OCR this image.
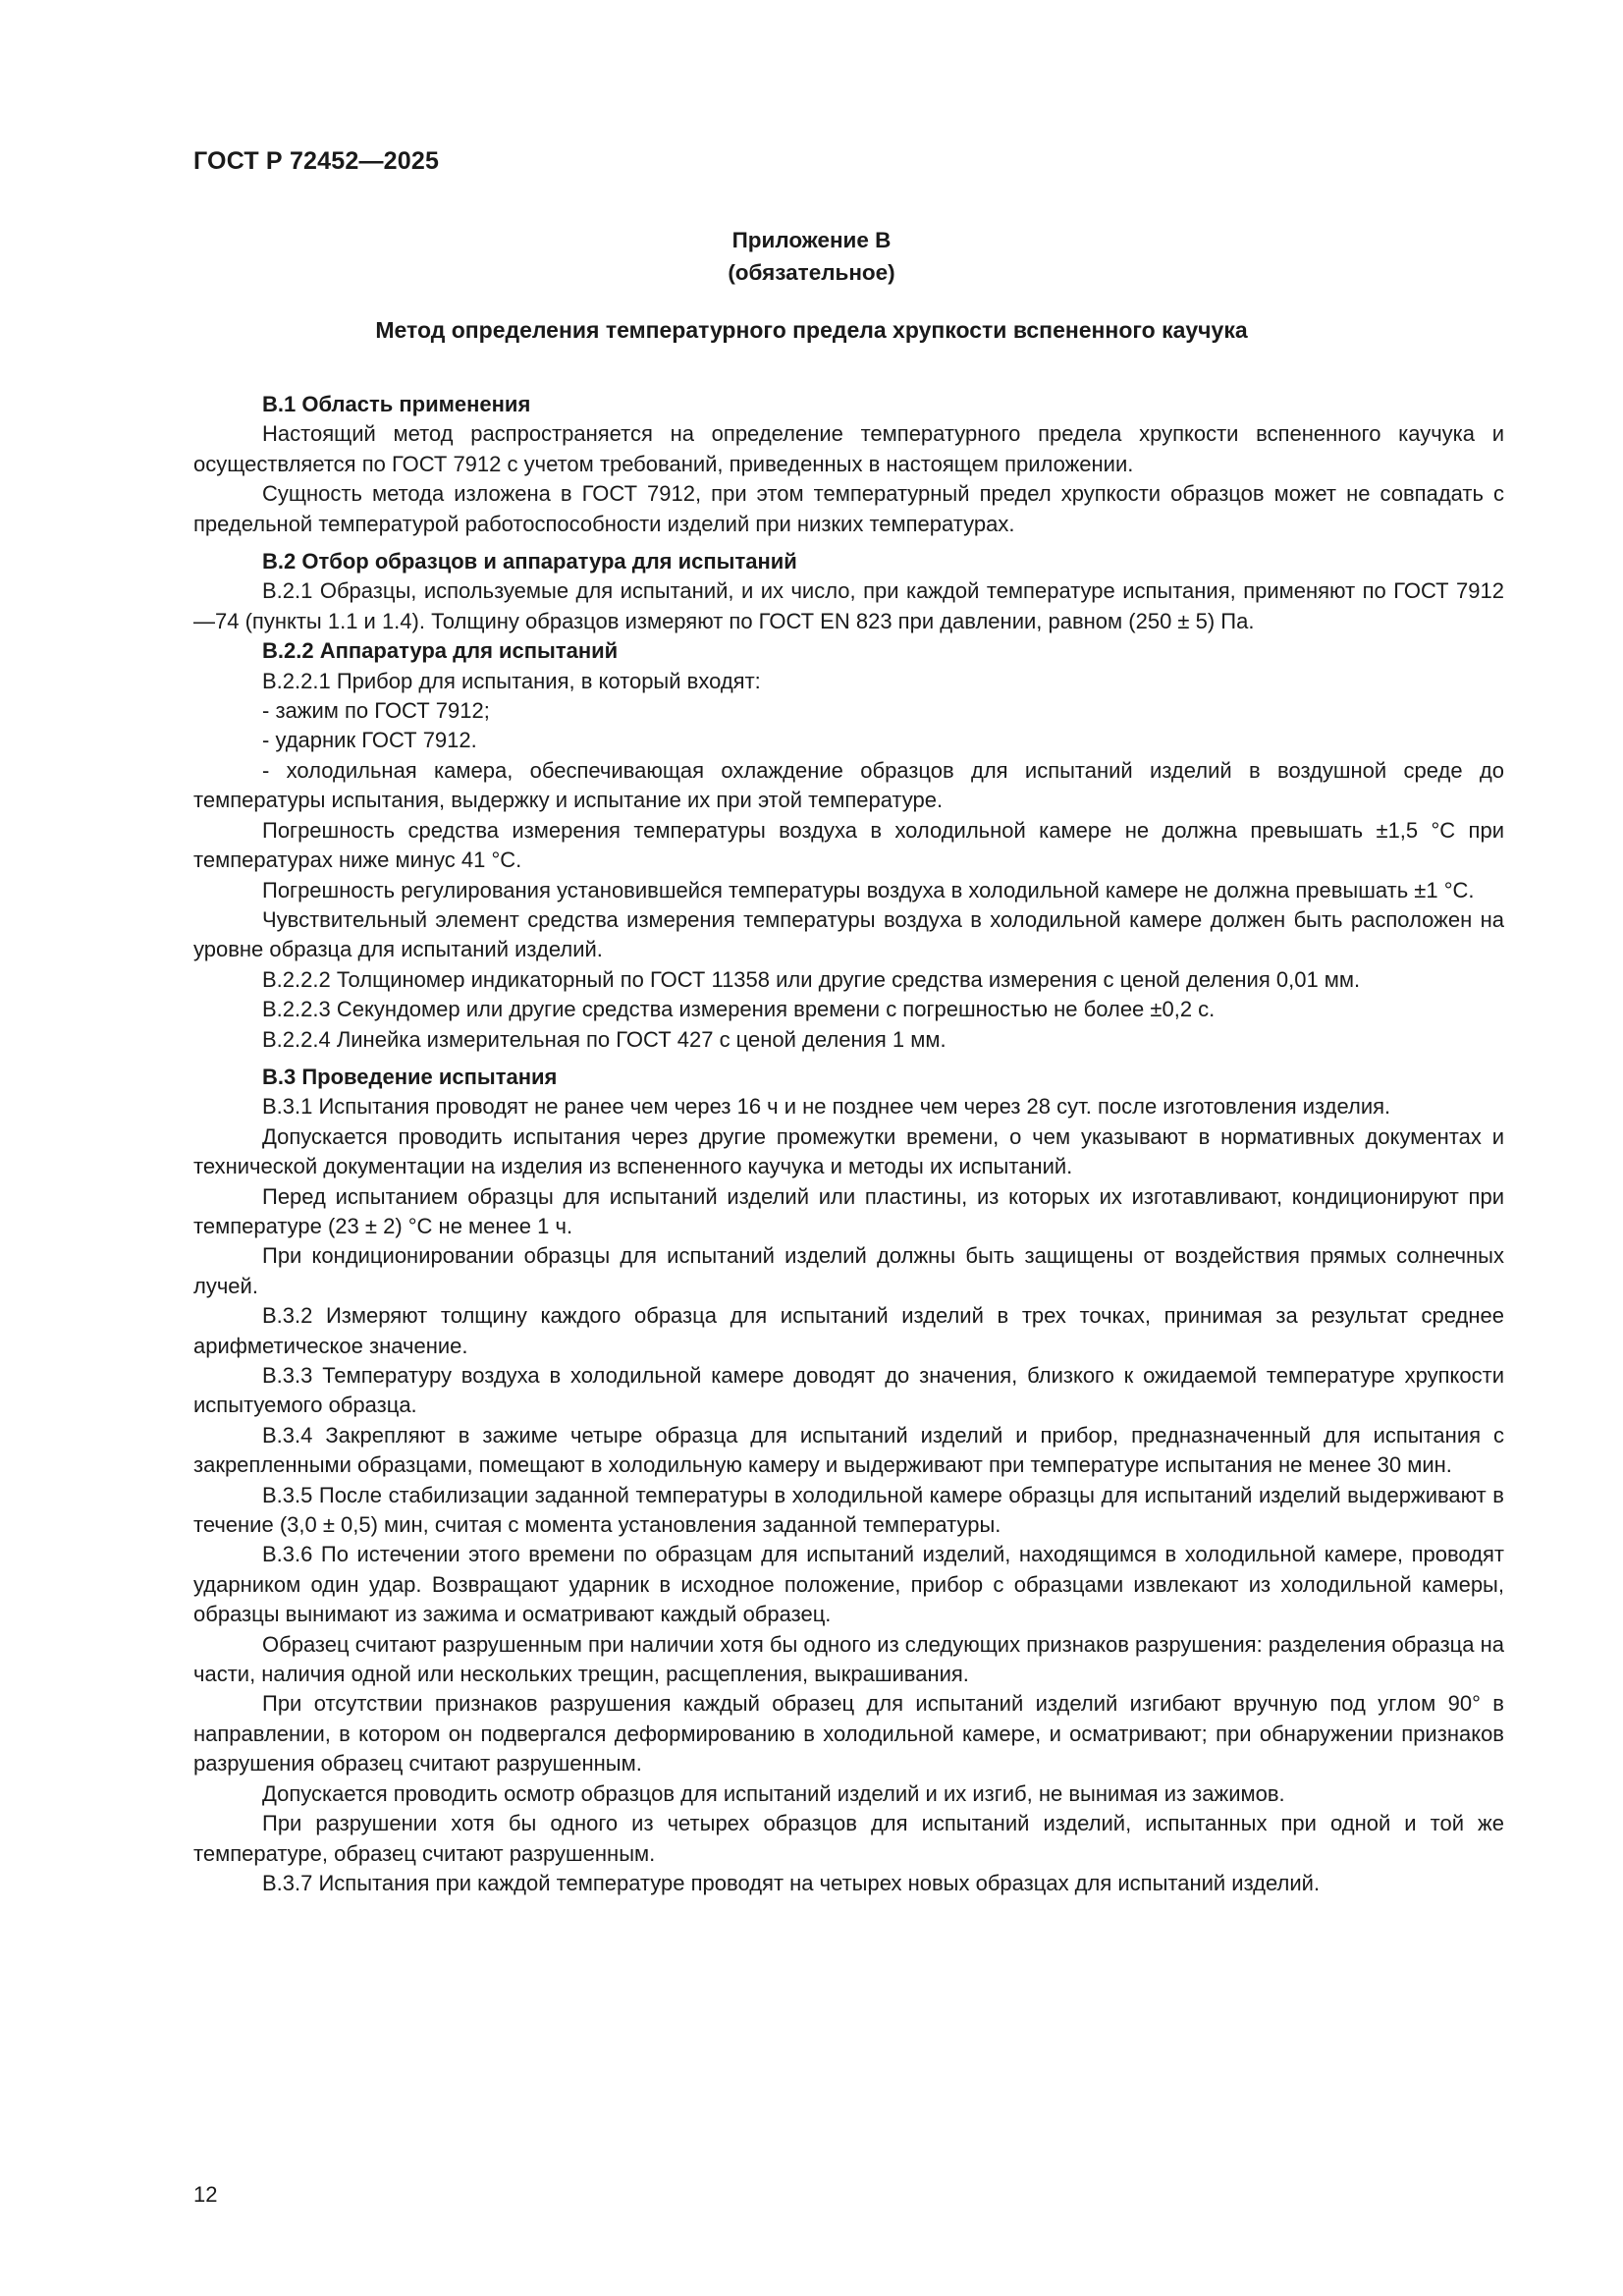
ГОСТ Р 72452—2025
Приложение В
(обязательное)
Метод определения температурного предела хрупкости вспененного каучука

В.1 Область применения

Настоящий метод распространяется на определение температурного предела хрупкости вспененного каучука и осуществляется по ГОСТ 7912 с учетом требований, приведенных в настоящем приложении.

Сущность метода изложена в ГОСТ 7912, при этом температурный предел хрупкости образцов может не совпадать с предельной температурой работоспособности изделий при низких температурах.

В.2 Отбор образцов и аппаратура для испытаний

В.2.1 Образцы, используемые для испытаний, и их число, при каждой температуре испытания, применяют по ГОСТ 7912—74 (пункты 1.1 и 1.4). Толщину образцов измеряют по ГОСТ EN 823 при давлении, равном (250 ± 5) Па.

В.2.2 Аппаратура для испытаний

В.2.2.1 Прибор для испытания, в который входят:

- зажим по ГОСТ 7912;

- ударник ГОСТ 7912.

- холодильная камера, обеспечивающая охлаждение образцов для испытаний изделий в воздушной среде до температуры испытания, выдержку и испытание их при этой температуре.

Погрешность средства измерения температуры воздуха в холодильной камере не должна превышать ±1,5 °С при температурах ниже минус 41 °С.

Погрешность регулирования установившейся температуры воздуха в холодильной камере не должна превышать ±1 °С.

Чувствительный элемент средства измерения температуры воздуха в холодильной камере должен быть расположен на уровне образца для испытаний изделий.

В.2.2.2 Толщиномер индикаторный по ГОСТ 11358 или другие средства измерения с ценой деления 0,01 мм.

В.2.2.3 Секундомер или другие средства измерения времени с погрешностью не более ±0,2 с.

В.2.2.4 Линейка измерительная по ГОСТ 427 с ценой деления 1 мм.

В.3 Проведение испытания

В.3.1 Испытания проводят не ранее чем через 16 ч и не позднее чем через 28 сут. после изготовления изделия.

Допускается проводить испытания через другие промежутки времени, о чем указывают в нормативных документах и технической документации на изделия из вспененного каучука и методы их испытаний.

Перед испытанием образцы для испытаний изделий или пластины, из которых их изготавливают, кондиционируют при температуре (23 ± 2) °С не менее 1 ч.

При кондиционировании образцы для испытаний изделий должны быть защищены от воздействия прямых солнечных лучей.

В.3.2 Измеряют толщину каждого образца для испытаний изделий в трех точках, принимая за результат среднее арифметическое значение.

В.3.3 Температуру воздуха в холодильной камере доводят до значения, близкого к ожидаемой температуре хрупкости испытуемого образца.

В.3.4 Закрепляют в зажиме четыре образца для испытаний изделий и прибор, предназначенный для испытания с закрепленными образцами, помещают в холодильную камеру и выдерживают при температуре испытания не менее 30 мин.

В.3.5 После стабилизации заданной температуры в холодильной камере образцы для испытаний изделий выдерживают в течение (3,0 ± 0,5) мин, считая с момента установления заданной температуры.

В.3.6 По истечении этого времени по образцам для испытаний изделий, находящимся в холодильной камере, проводят ударником один удар. Возвращают ударник в исходное положение, прибор с образцами извлекают из холодильной камеры, образцы вынимают из зажима и осматривают каждый образец.

Образец считают разрушенным при наличии хотя бы одного из следующих признаков разрушения: разделения образца на части, наличия одной или нескольких трещин, расщепления, выкрашивания.

При отсутствии признаков разрушения каждый образец для испытаний изделий изгибают вручную под углом 90° в направлении, в котором он подвергался деформированию в холодильной камере, и осматривают; при обнаружении признаков разрушения образец считают разрушенным.

Допускается проводить осмотр образцов для испытаний изделий и их изгиб, не вынимая из зажимов.

При разрушении хотя бы одного из четырех образцов для испытаний изделий, испытанных при одной и той же температуре, образец считают разрушенным.

В.3.7 Испытания при каждой температуре проводят на четырех новых образцах для испытаний изделий.

12
